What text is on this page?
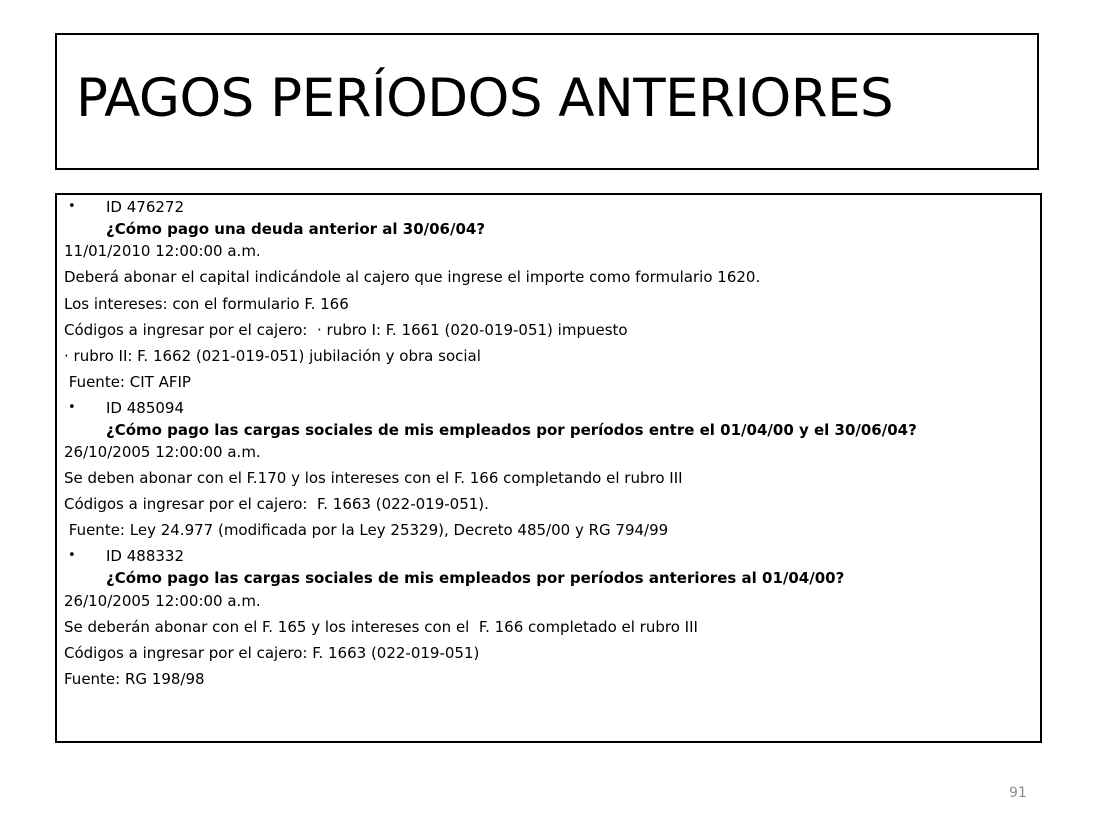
PAGOS PERÍODOS ANTERIORES
• ID 476272
¿Cómo pago una deuda anterior al 30/06/04?
11/01/2010 12:00:00 a.m.
Deberá abonar el capital indicándole al cajero que ingrese el importe como formulario 1620.
Los intereses: con el formulario F. 166
Códigos a ingresar por el cajero:  · rubro I: F. 1661 (020-019-051) impuesto
· rubro II: F. 1662 (021-019-051) jubilación y obra social
Fuente: CIT AFIP
• ID 485094
¿Cómo pago las cargas sociales de mis empleados por períodos entre el 01/04/00 y el 30/06/04?
26/10/2005 12:00:00 a.m.
Se deben abonar con el F.170 y los intereses con el F. 166 completando el rubro III
Códigos a ingresar por el cajero:  F. 1663 (022-019-051).
Fuente: Ley 24.977 (modificada por la Ley 25329), Decreto 485/00 y RG 794/99
• ID 488332
¿Cómo pago las cargas sociales de mis empleados por períodos anteriores al 01/04/00?
26/10/2005 12:00:00 a.m.
Se deberán abonar con el F. 165 y los intereses con el  F. 166 completado el rubro III
Códigos a ingresar por el cajero: F. 1663 (022-019-051)
Fuente: RG 198/98
91
